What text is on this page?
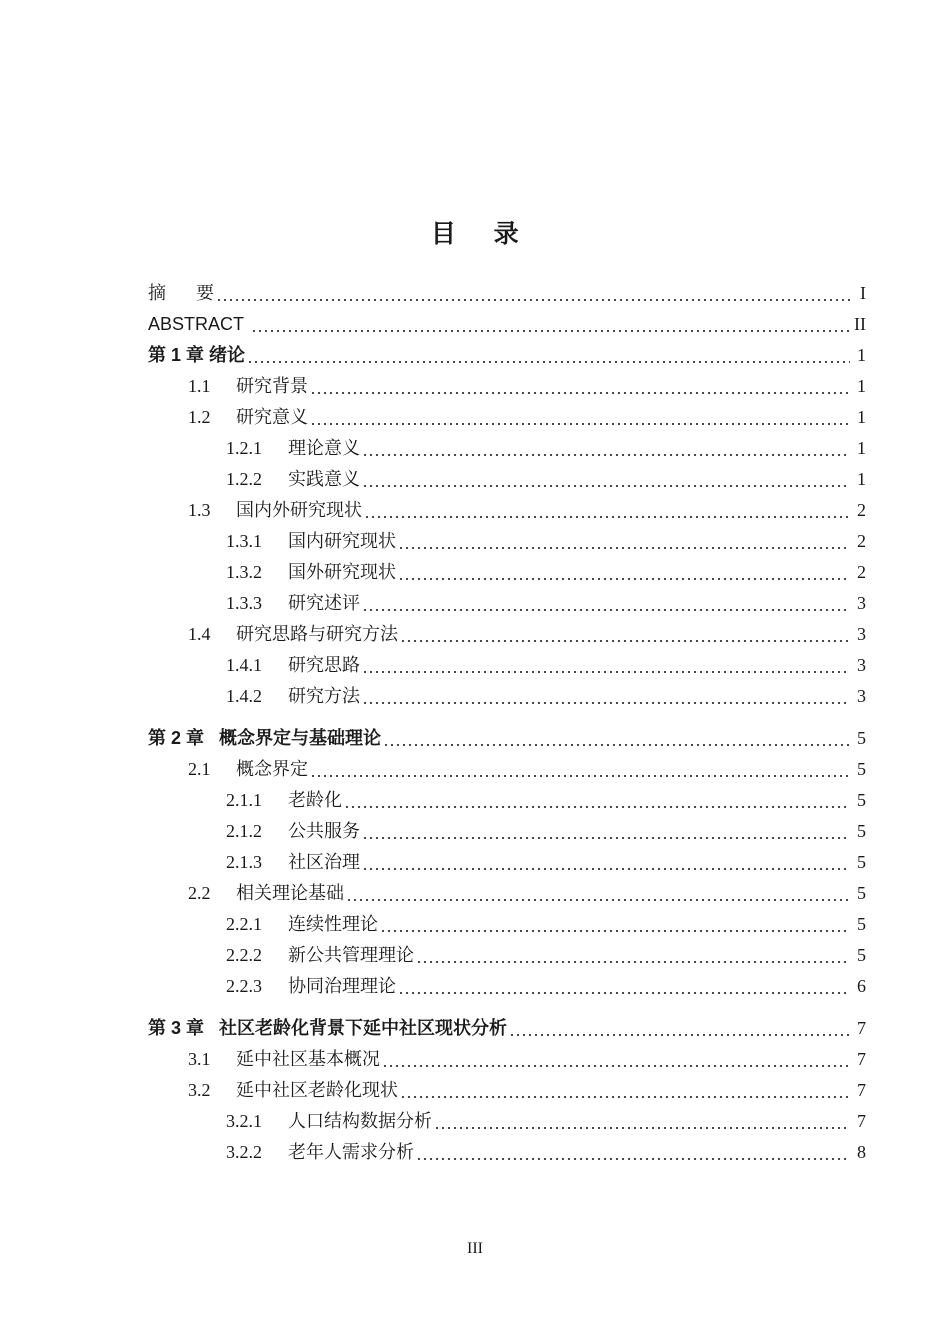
目     录
摘      要	I
ABSTRACT	II
第 1 章 绪论	1
1.1	研究背景	1
1.2	研究意义	1
1.2.1	理论意义	1
1.2.2	实践意义	1
1.3	国内外研究现状	2
1.3.1	国内研究现状	2
1.3.2	国外研究现状	2
1.3.3	研究述评	3
1.4	研究思路与研究方法	3
1.4.1	研究思路	3
1.4.2	研究方法	3
第 2 章   概念界定与基础理论	5
2.1	概念界定	5
2.1.1	老龄化	5
2.1.2	公共服务	5
2.1.3	社区治理	5
2.2	相关理论基础	5
2.2.1	连续性理论	5
2.2.2	新公共管理理论	5
2.2.3	协同治理理论	6
第 3 章   社区老龄化背景下延中社区现状分析	7
3.1	延中社区基本概况	7
3.2	延中社区老龄化现状	7
3.2.1	人口结构数据分析	7
3.2.2	老年人需求分析	8
III
